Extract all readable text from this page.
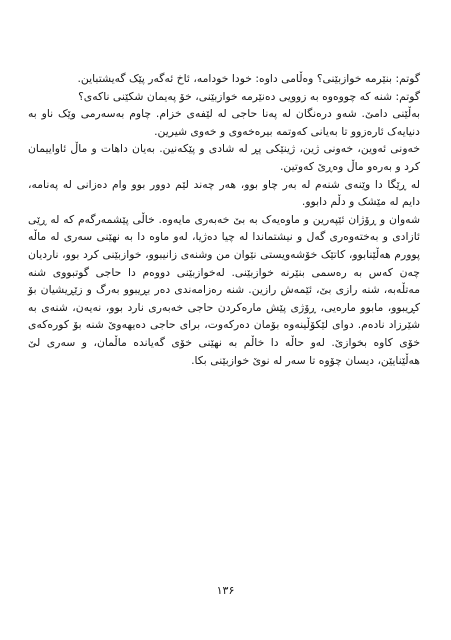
گوتم: بنێرمه خوازبێنی؟ وەڵامی داوه: خودا خودامه، ئاخ ئەگەر پێک گەیشتباین.

گوتم: شنه که چووەوه به زوویی دەنێرمه خوازبێنی، خۆ پەیمان شکێنی ناکەی؟

بەڵێنی دامێ. شەو درەنگان له پەنا حاجی له لێفەی خزام. چاوم بەسەرمی وێک ناو بە دنیایەک ئارەزوو تا بەیانی کەوتمه بیرەخەوی و خەوی شیرین.

خەونی ئەوین، خەونی ژین، ژینێکی پڕ له شادی و پێکەنین. بەیان داهات و ماڵ ئاواییمان کرد و بەرەو ماڵ وەڕێ کەوتین.

له ڕێگا دا وێنەی شنەم له بەر چاو بوو، هەر چەند لێم دوور بوو وام دەزانی له پەنامه، دایم له مێشک و دڵم دابوو.

شەوان و ڕۆژان ئێپەرین و ماوەیەک به بێ خەبەری مایەوه. خاڵی پێشمەرگەم کە لە ڕێی ئازادی و بەختەوەری گەل و نیشتماندا لە چیا دەژیا، لەو ماوه دا به نهێنی سەری له ماڵه پوورم هەڵێنابوو، کاتێک خۆشەویستی نێوان من وشنەی زانیبوو، خوازبێنی کرد بوو، ناردیان چەن کەس بە رەسمی بنێرنه خوازبێنی. لەخوازبێنی دووەم دا حاجی گوتبووی شنه مەتڵەبە، شنه رازی بێ، ئێمەش رازین. شنه رەزامەندی دەر بڕیبوو بەرگ و زێڕیشیان بۆ کڕیبوو، مابوو مارەیی، ڕۆژی پێش مارەکردن حاجی خەبەری نارد بوو، نەیەن، شنەی بە شێرزاد نادەم. دوای لێکۆڵینەوه بۆمان دەرکەوت، برای حاجی دەیهەوێ شنه بۆ کورەکەی خۆی کاوە بخوازێ. لەو حاڵه دا خاڵم به نهێنی خۆی گەیاندە ماڵمان، و سەری لێ هەڵێنایێن، دیسان چۆوە تا سەر له نوێ خوازبێنی بکا.

١٣۶
